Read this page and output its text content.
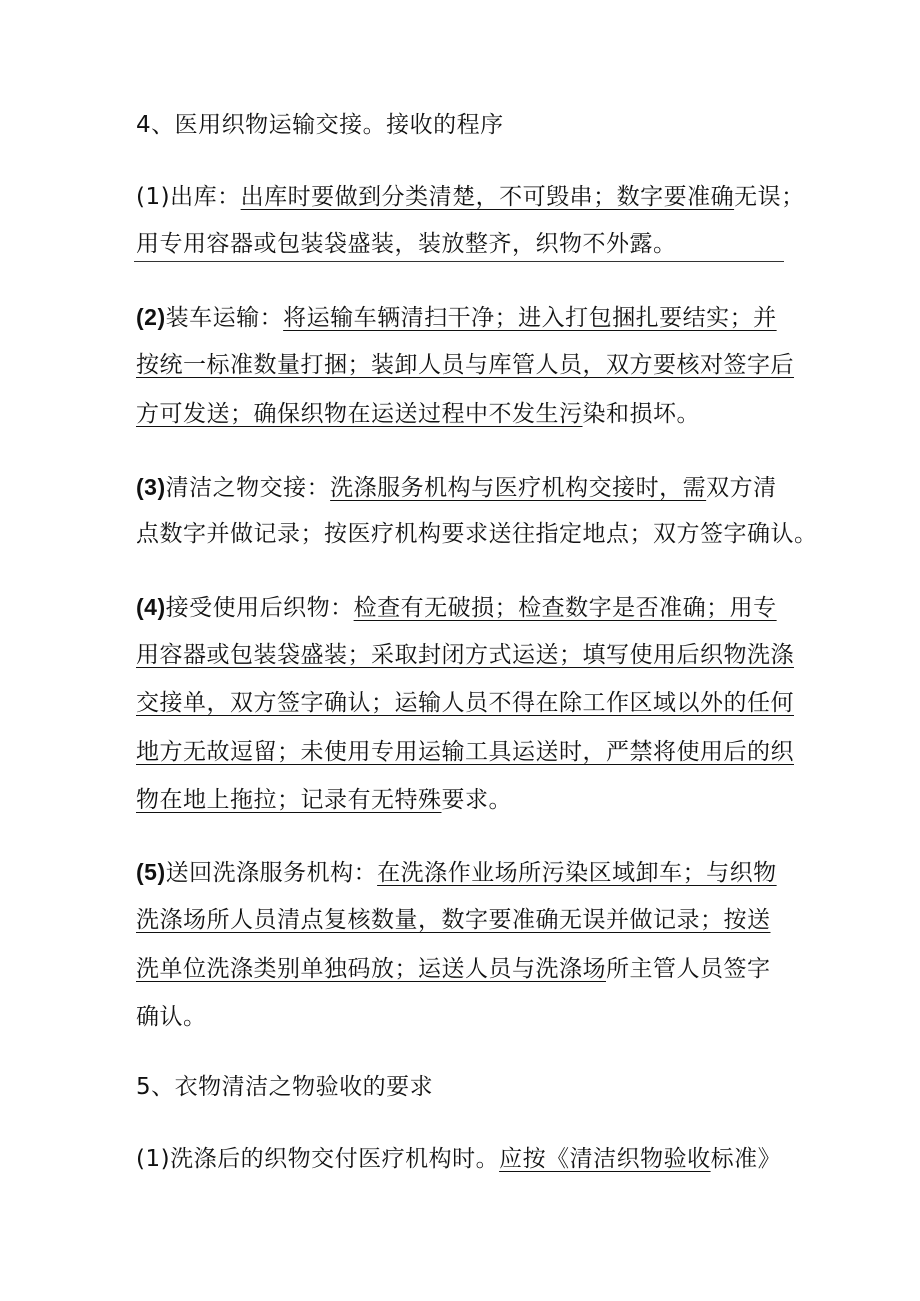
4、医用织物运输交接。接收的程序
(1)出库：出库时要做到分类清楚，不可毁串；数字要准确无误；
用专用容器或包装袋盛装，装放整齐，织物不外露。
(2)装车运输：将运输车辆清扫干净；进入打包捆扎要结实；并
按统一标准数量打捆；装卸人员与库管人员，双方要核对签字后
方可发送；确保织物在运送过程中不发生污染和损坏。
(3)清洁之物交接：洗涤服务机构与医疗机构交接时，需双方清
点数字并做记录；按医疗机构要求送往指定地点；双方签字确认。
(4)接受使用后织物：检查有无破损；检查数字是否准确；用专
用容器或包装袋盛装；采取封闭方式运送；填写使用后织物洗涤
交接单，双方签字确认；运输人员不得在除工作区域以外的任何
地方无故逗留；未使用专用运输工具运送时，严禁将使用后的织
物在地上拖拉；记录有无特殊要求。
(5)送回洗涤服务机构：在洗涤作业场所污染区域卸车；与织物
洗涤场所人员清点复核数量，数字要准确无误并做记录；按送
洗单位洗涤类别单独码放；运送人员与洗涤场所主管人员签字
确认。
5、衣物清洁之物验收的要求
(1)洗涤后的织物交付医疗机构时。应按《清洁织物验收标准》
